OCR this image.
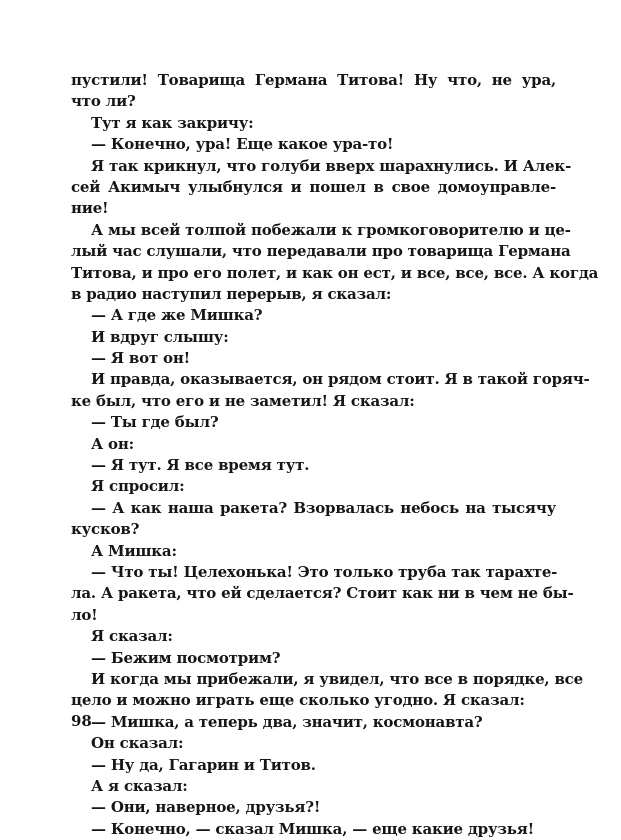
пустили! Товарища Германа Титова! Ну что, не ура,
что ли?
Тут я как закричу:
— Конечно, ура! Еще какое ура-то!
Я так крикнул, что голуби вверх шарахнулись. И Алек-
сей Акимыч улыбнулся и пошел в свое домоуправле-
ние!
А мы всей толпой побежали к громкоговорителю и це-
лый час слушали, что передавали про товарища Германа
Титова, и про его полет, и как он ест, и все, все, все. А когда
в радио наступил перерыв, я сказал:
— А где же Мишка?
И вдруг слышу:
— Я вот он!
И правда, оказывается, он рядом стоит. Я в такой горяч-
ке был, что его и не заметил! Я сказал:
— Ты где был?
А он:
— Я тут. Я все время тут.
Я спросил:
— А как наша ракета? Взорвалась небось на тысячу
кусков?
А Мишка:
— Что ты! Целехонька! Это только труба так тарахте-
ла. А ракета, что ей сделается? Стоит как ни в чем не бы-
ло!
Я сказал:
— Бежим посмотрим?
И когда мы прибежали, я увидел, что все в порядке, все
цело и можно играть еще сколько угодно. Я сказал:
— Мишка, а теперь два, значит, космонавта?
Он сказал:
— Ну да, Гагарин и Титов.
А я сказал:
— Они, наверное, друзья?!
— Конечно, — сказал Мишка, — еще какие друзья!
98
